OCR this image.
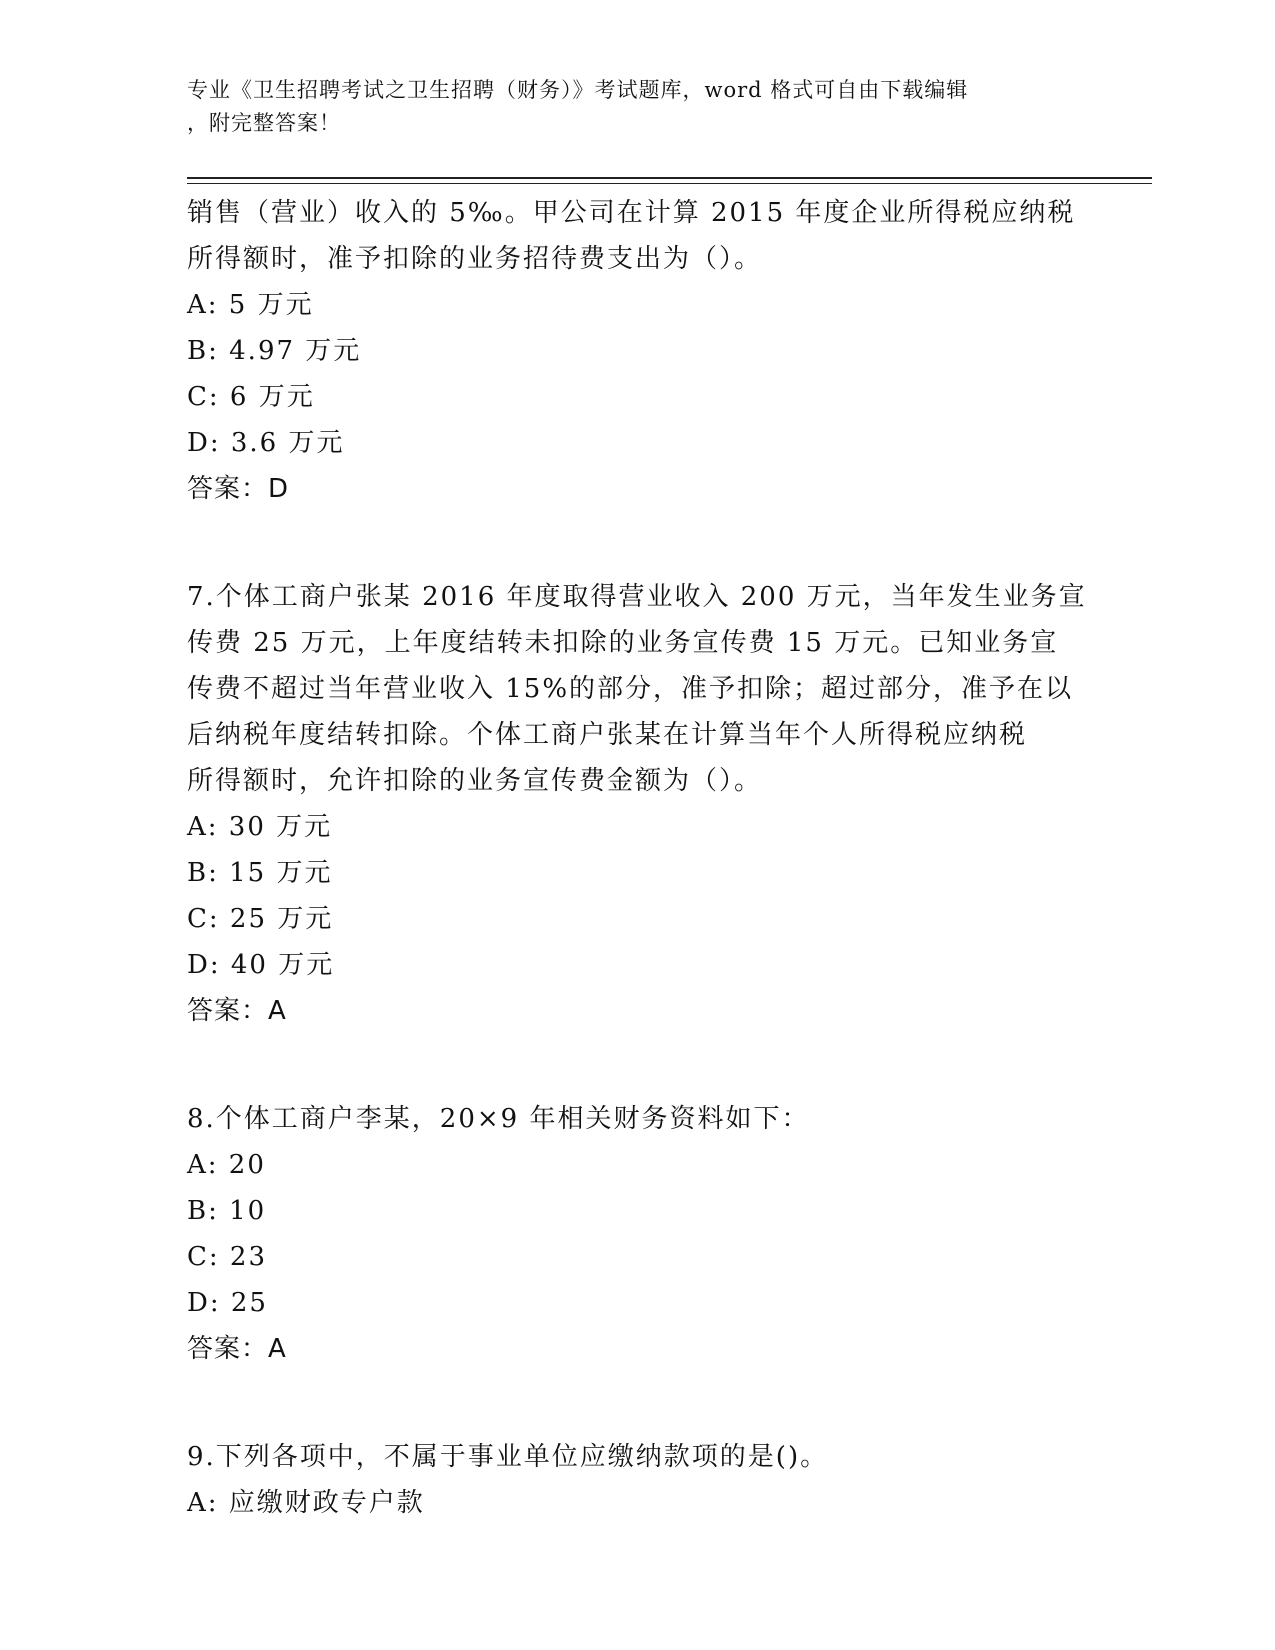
专业《卫生招聘考试之卫生招聘（财务）》考试题库，word 格式可自由下载编辑
，附完整答案！
销售（营业）收入的 5‰。甲公司在计算 2015 年度企业所得税应纳税
所得额时，准予扣除的业务招待费支出为（）。
A: 5 万元
B: 4.97 万元
C: 6 万元
D: 3.6 万元
答案：D
7.个体工商户张某 2016 年度取得营业收入 200 万元，当年发生业务宣
传费 25 万元，上年度结转未扣除的业务宣传费 15 万元。已知业务宣
传费不超过当年营业收入 15%的部分，准予扣除；超过部分，准予在以
后纳税年度结转扣除。个体工商户张某在计算当年个人所得税应纳税
所得额时，允许扣除的业务宣传费金额为（）。
A: 30 万元
B: 15 万元
C: 25 万元
D: 40 万元
答案：A
8.个体工商户李某，20×9 年相关财务资料如下：
A: 20
B: 10
C: 23
D: 25
答案：A
9.下列各项中，不属于事业单位应缴纳款项的是()。
A: 应缴财政专户款
